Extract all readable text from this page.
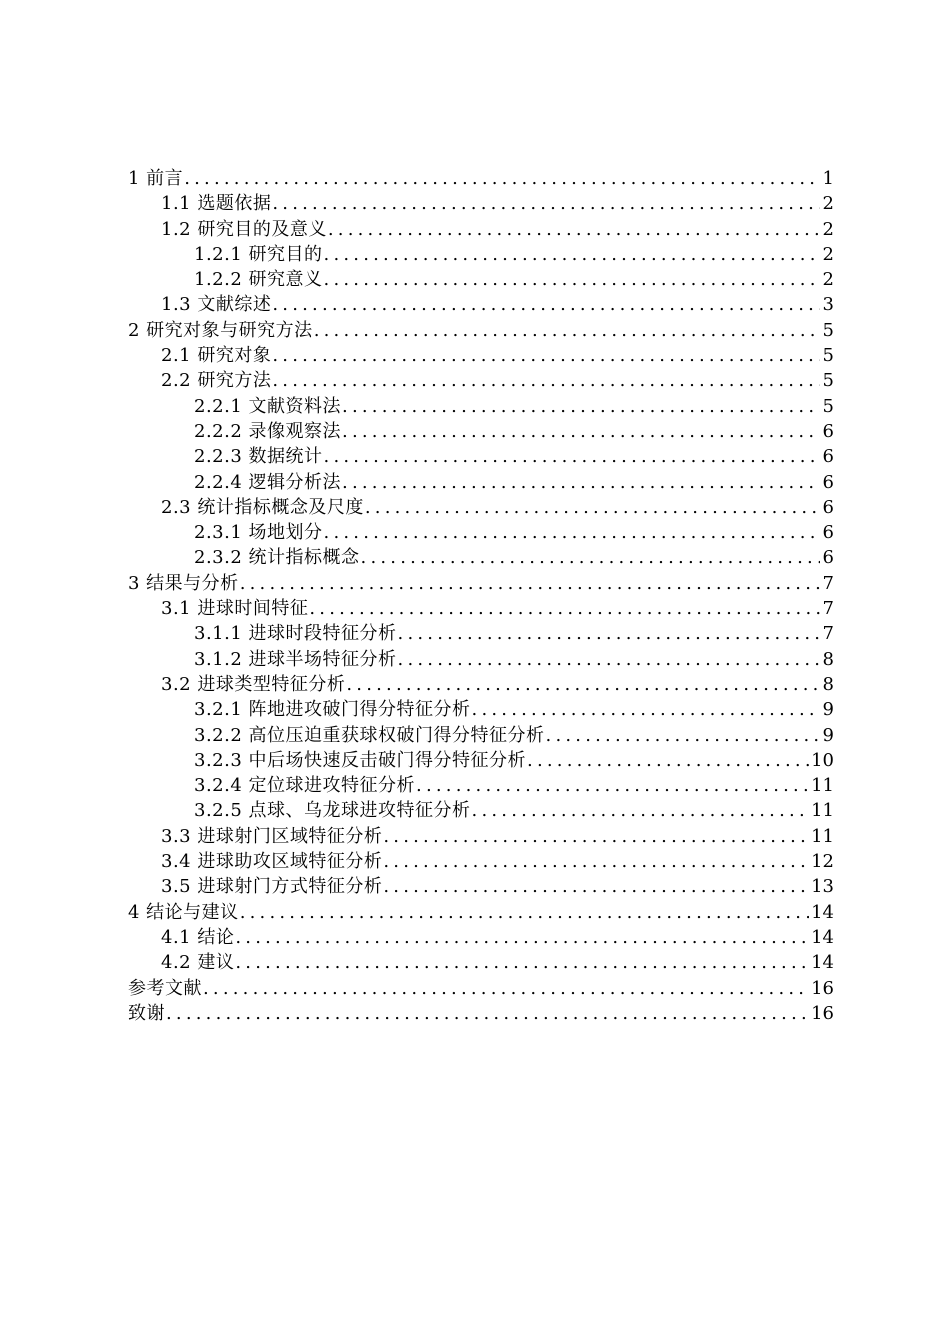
1 前言 .....	1
1.1 选题依据 .....	2
1.2 研究目的及意义 .....	2
1.2.1 研究目的 .....	2
1.2.2 研究意义 .....	2
1.3 文献综述 .....	3
2 研究对象与研究方法 .....	5
2.1 研究对象 .....	5
2.2 研究方法 .....	5
2.2.1 文献资料法 .....	5
2.2.2 录像观察法 .....	6
2.2.3 数据统计 .....	6
2.2.4 逻辑分析法 .....	6
2.3 统计指标概念及尺度 .....	6
2.3.1 场地划分 .....	6
2.3.2 统计指标概念 .....	6
3 结果与分析 .....	7
3.1 进球时间特征 .....	7
3.1.1 进球时段特征分析 .....	7
3.1.2 进球半场特征分析 .....	8
3.2 进球类型特征分析 .....	8
3.2.1 阵地进攻破门得分特征分析 .....	9
3.2.2 高位压迫重获球权破门得分特征分析 .....	9
3.2.3 中后场快速反击破门得分特征分析 .....	10
3.2.4 定位球进攻特征分析 .....	11
3.2.5 点球、乌龙球进攻特征分析 .....	11
3.3 进球射门区域特征分析 .....	11
3.4 进球助攻区域特征分析 .....	12
3.5 进球射门方式特征分析 .....	13
4 结论与建议 .....	14
4.1 结论 .....	14
4.2 建议 .....	14
参考文献 .....	16
致谢 .....	16
